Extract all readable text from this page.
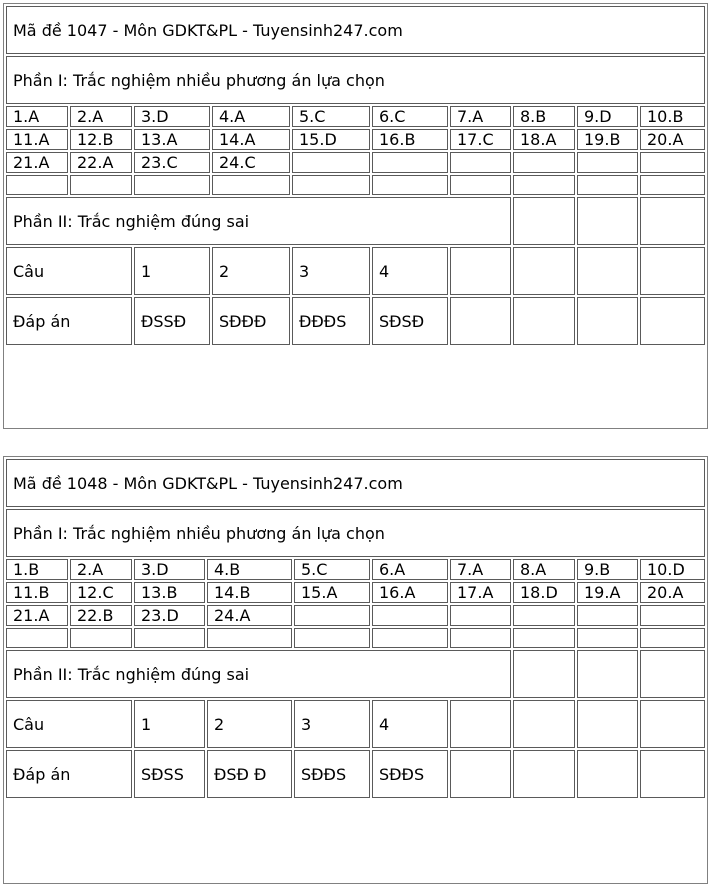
Mã đề 1047 - Môn GDKT&PL - Tuyensinh247.com									
Phần I: Trắc nghiệm nhiều phương án lựa chọn									
1.A	2.A	3.D	4.A	5.C	6.C	7.A	8.B	9.D	10.B
11.A	12.B	13.A	14.A	15.D	16.B	17.C	18.A	19.B	20.A
21.A	22.A	23.C	24.C						

Phần II: Trắc nghiệm đúng sai									
Câu		1	2	3	4				
Đáp án		ĐSSĐ	SĐĐĐ	ĐĐĐS	SĐSĐ				
Mã đề 1048 - Môn GDKT&PL - Tuyensinh247.com									
Phần I: Trắc nghiệm nhiều phương án lựa chọn									
1.B	2.A	3.D	4.B	5.C	6.A	7.A	8.A	9.B	10.D
11.B	12.C	13.B	14.B	15.A	16.A	17.A	18.D	19.A	20.A
21.A	22.B	23.D	24.A						

Phần II: Trắc nghiệm đúng sai									
Câu		1	2	3	4				
Đáp án		SĐSS	ĐSĐ Đ	SĐĐS	SĐĐS				
